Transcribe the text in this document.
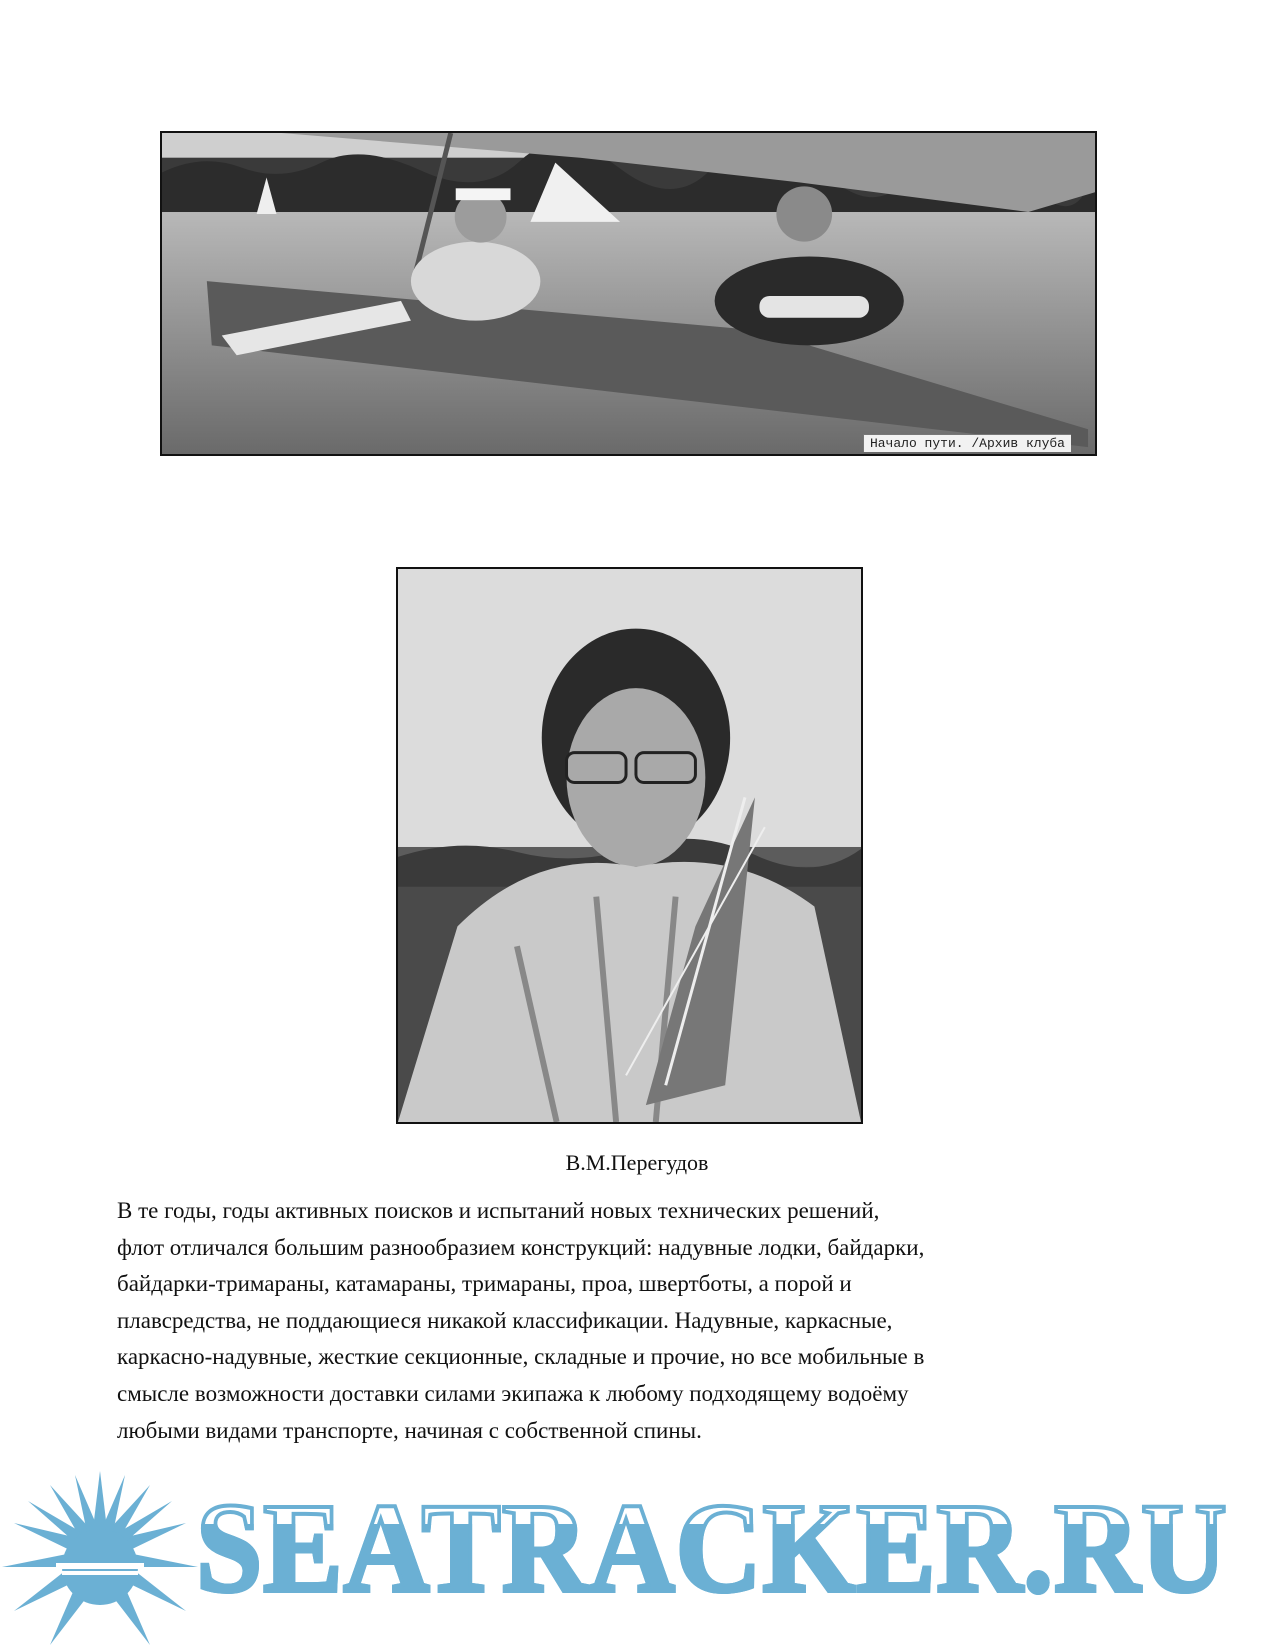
Начало пути. /Архив клуба
В.М.Перегудов

В те годы, годы активных поисков и испытаний новых технических решений,
флот отличался большим разнообразием конструкций: надувные лодки, байдарки,
байдарки-тримараны, катамараны, тримараны, проа, швертботы, а порой и
плавсредства, не поддающиеся никакой классификации. Надувные, каркасные,
каркасно-надувные, жесткие секционные, складные и прочие, но все мобильные в
смысле возможности доставки силами экипажа к любому подходящему водоёму
любыми видами транспорте, начиная с собственной спины.

SEATRACKER.RU
